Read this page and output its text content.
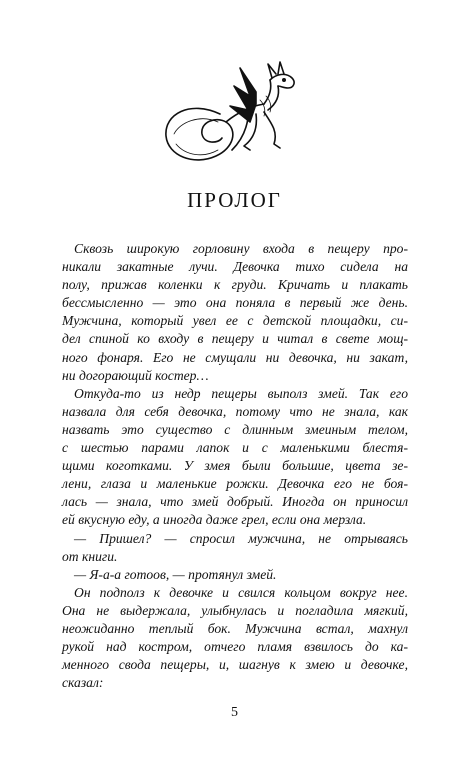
ПРОЛОГ
Сквозь широкую горловину входа в пещеру про-
никали закатные лучи. Девочка тихо сидела на
полу, прижав коленки к груди. Кричать и плакать
бессмысленно — это она поняла в первый же день.
Мужчина, который увел ее с детской площадки, си-
дел спиной ко входу в пещеру и читал в свете мощ-
ного фонаря. Его не смущали ни девочка, ни закат,
ни догорающий костер…
Откуда-то из недр пещеры выполз змей. Так его
назвала для себя девочка, потому что не знала, как
назвать это существо с длинным змеиным телом,
с шестью парами лапок и с маленькими блестя-
щими коготками. У змея были большие, цвета зе-
лени, глаза и маленькие рожки. Девочка его не боя-
лась — знала, что змей добрый. Иногда он приносил
ей вкусную еду, а иногда даже грел, если она мерзла.
— Пришел? — спросил мужчина, не отрываясь
от книги.
— Я-а-а готоов, — протянул змей.
Он подполз к девочке и свился кольцом вокруг нее.
Она не выдержала, улыбнулась и погладила мягкий,
неожиданно теплый бок. Мужчина встал, махнул
рукой над костром, отчего пламя взвилось до ка-
менного свода пещеры, и, шагнув к змею и девочке,
сказал:
5
